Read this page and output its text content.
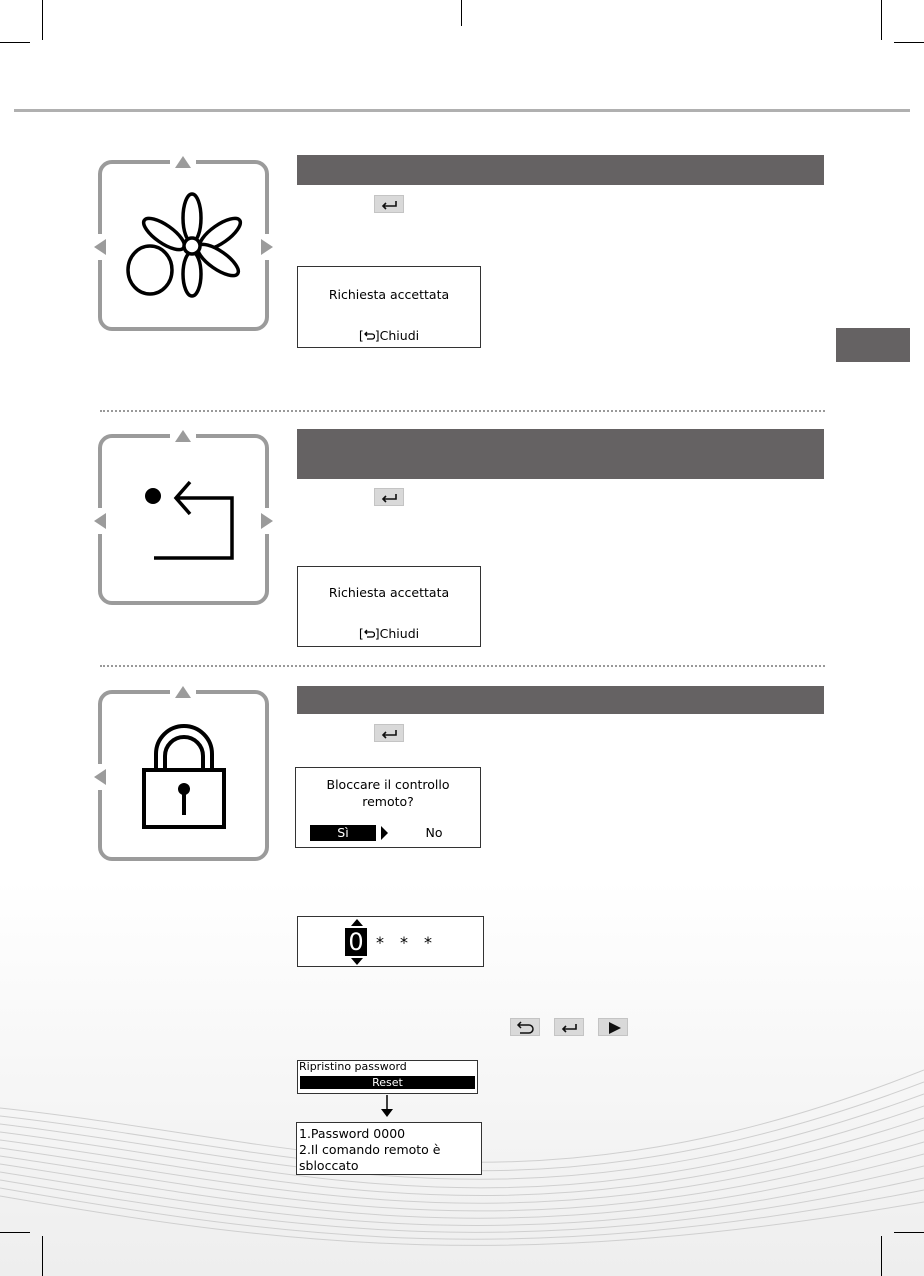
Richiesta accettata
[ ]Chiudi
Richiesta accettata
[ ]Chiudi
Bloccare il controllo
remoto?
Sì	No
0 * * *
Ripristino password
Reset
1.Password 0000
2.Il comando remoto è
sbloccato
